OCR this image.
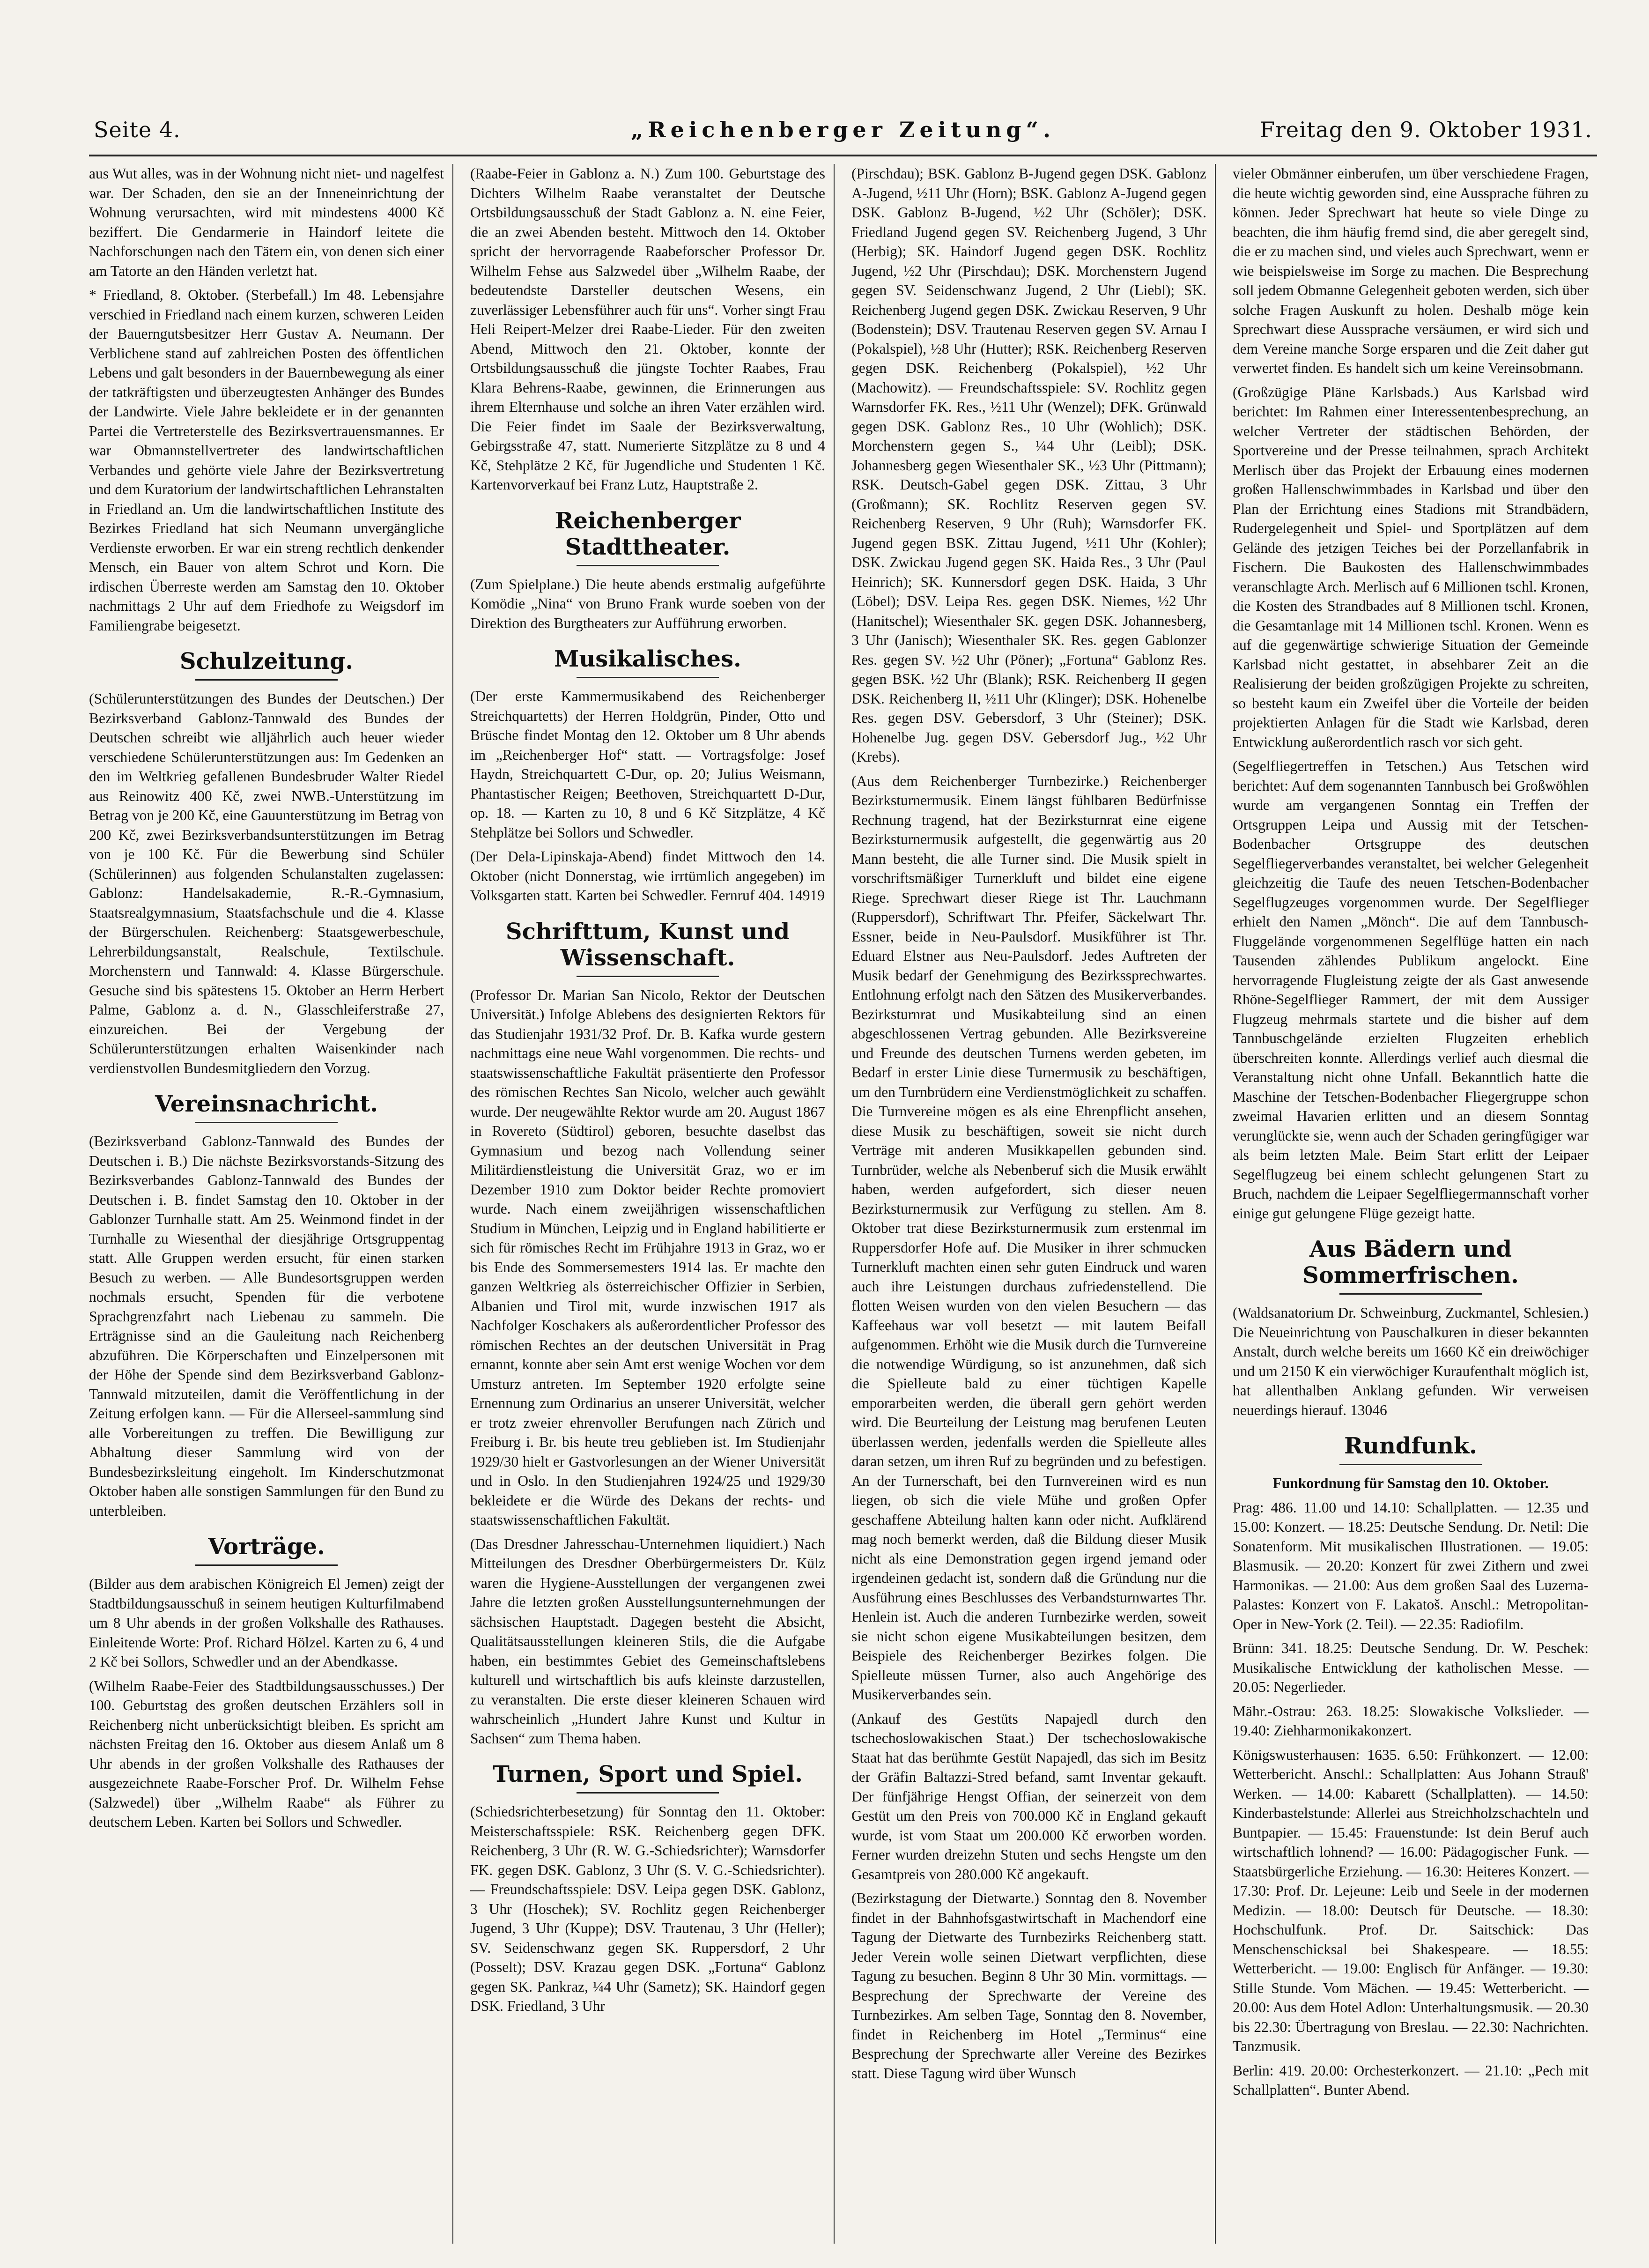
Seite 4.	„Reichenberger Zeitung“.	Freitag den 9. Oktober 1931.

aus Wut alles, was in der Wohnung nicht niet- und nagelfest war. Der Schaden, den sie an der Inneneinrichtung der Wohnung verursachten, wird mit mindestens 4000 Kč beziffert. Die Gendarmerie in Haindorf leitete die Nachforschungen nach den Tätern ein, von denen sich einer am Tatorte an den Händen verletzt hat.

* Friedland, 8. Oktober. (Sterbefall.) Im 48. Lebensjahre verschied in Friedland nach einem kurzen, schweren Leiden der Bauerngutsbesitzer Herr Gustav A. Neumann. Der Verblichene stand auf zahlreichen Posten des öffentlichen Lebens und galt besonders in der Bauernbewegung als einer der tatkräftigsten und überzeugtesten Anhänger des Bundes der Landwirte. Viele Jahre bekleidete er in der genannten Partei die Vertreterstelle des Bezirksvertrauensmannes. Er war Obmannstellvertreter des landwirtschaftlichen Verbandes und gehörte viele Jahre der Bezirksvertretung und dem Kuratorium der landwirtschaftlichen Lehranstalten in Friedland an. Um die landwirtschaftlichen Institute des Bezirkes Friedland hat sich Neumann unvergängliche Verdienste erworben. Er war ein streng rechtlich denkender Mensch, ein Bauer von altem Schrot und Korn. Die irdischen Überreste werden am Samstag den 10. Oktober nachmittags 2 Uhr auf dem Friedhofe zu Weigsdorf im Familiengrabe beigesetzt.

Schulzeitung.

(Schülerunterstützungen des Bundes der Deutschen.) Der Bezirksverband Gablonz-Tannwald des Bundes der Deutschen schreibt wie alljährlich auch heuer wieder verschiedene Schülerunterstützungen aus: Im Gedenken an den im Weltkrieg gefallenen Bundesbruder Walter Riedel aus Reinowitz 400 Kč, zwei NWB.-Unterstützung im Betrag von je 200 Kč, eine Gauunterstützung im Betrag von 200 Kč, zwei Bezirksverbandsunterstützungen im Betrag von je 100 Kč. Für die Bewerbung sind Schüler (Schülerinnen) aus folgenden Schulanstalten zugelassen: Gablonz: Handelsakademie, R.-R.-Gymnasium, Staatsrealgymnasium, Staatsfachschule und die 4. Klasse der Bürgerschulen. Reichenberg: Staatsgewerbeschule, Lehrerbildungsanstalt, Realschule, Textilschule. Morchenstern und Tannwald: 4. Klasse Bürgerschule. Gesuche sind bis spätestens 15. Oktober an Herrn Herbert Palme, Gablonz a. d. N., Glasschleiferstraße 27, einzureichen. Bei der Vergebung der Schülerunterstützungen erhalten Waisenkinder nach verdienstvollen Bundesmitgliedern den Vorzug.

Vereinsnachricht.

(Bezirksverband Gablonz-Tannwald des Bundes der Deutschen i. B.) Die nächste Bezirksvorstands-Sitzung des Bezirksverbandes Gablonz-Tannwald des Bundes der Deutschen i. B. findet Samstag den 10. Oktober in der Gablonzer Turnhalle statt. Am 25. Weinmond findet in der Turnhalle zu Wiesenthal der diesjährige Ortsgruppentag statt. Alle Gruppen werden ersucht, für einen starken Besuch zu werben. — Alle Bundesortsgruppen werden nochmals ersucht, Spenden für die verbotene Sprachgrenzfahrt nach Liebenau zu sammeln. Die Erträgnisse sind an die Gauleitung nach Reichenberg abzuführen. Die Körperschaften und Einzelpersonen mit der Höhe der Spende sind dem Bezirksverband Gablonz-Tannwald mitzuteilen, damit die Veröffentlichung in der Zeitung erfolgen kann. — Für die Allerseel-sammlung sind alle Vorbereitungen zu treffen. Die Bewilligung zur Abhaltung dieser Sammlung wird von der Bundesbezirksleitung eingeholt. Im Kinderschutzmonat Oktober haben alle sonstigen Sammlungen für den Bund zu unterbleiben.

Vorträge.

(Bilder aus dem arabischen Königreich El Jemen) zeigt der Stadtbildungsausschuß in seinem heutigen Kulturfilmabend um 8 Uhr abends in der großen Volkshalle des Rathauses. Einleitende Worte: Prof. Richard Hölzel. Karten zu 6, 4 und 2 Kč bei Sollors, Schwedler und an der Abendkasse.

(Wilhelm Raabe-Feier des Stadtbildungsausschusses.) Der 100. Geburtstag des großen deutschen Erzählers soll in Reichenberg nicht unberücksichtigt bleiben. Es spricht am nächsten Freitag den 16. Oktober aus diesem Anlaß um 8 Uhr abends in der großen Volkshalle des Rathauses der ausgezeichnete Raabe-Forscher Prof. Dr. Wilhelm Fehse (Salzwedel) über „Wilhelm Raabe“ als Führer zu deutschem Leben. Karten bei Sollors und Schwedler.

(Raabe-Feier in Gablonz a. N.) Zum 100. Geburtstage des Dichters Wilhelm Raabe veranstaltet der Deutsche Ortsbildungsausschuß der Stadt Gablonz a. N. eine Feier, die an zwei Abenden besteht. Mittwoch den 14. Oktober spricht der hervorragende Raabeforscher Professor Dr. Wilhelm Fehse aus Salzwedel über „Wilhelm Raabe, der bedeutendste Darsteller deutschen Wesens, ein zuverlässiger Lebensführer auch für uns“. Vorher singt Frau Heli Reipert-Melzer drei Raabe-Lieder. Für den zweiten Abend, Mittwoch den 21. Oktober, konnte der Ortsbildungsausschuß die jüngste Tochter Raabes, Frau Klara Behrens-Raabe, gewinnen, die Erinnerungen aus ihrem Elternhause und solche an ihren Vater erzählen wird. Die Feier findet im Saale der Bezirksverwaltung, Gebirgsstraße 47, statt. Numerierte Sitzplätze zu 8 und 4 Kč, Stehplätze 2 Kč, für Jugendliche und Studenten 1 Kč. Kartenvorverkauf bei Franz Lutz, Hauptstraße 2.

Reichenberger Stadttheater.

(Zum Spielplane.) Die heute abends erstmalig aufgeführte Komödie „Nina“ von Bruno Frank wurde soeben von der Direktion des Burgtheaters zur Aufführung erworben.

Musikalisches.

(Der erste Kammermusikabend des Reichenberger Streichquartetts) der Herren Holdgrün, Pinder, Otto und Brüsche findet Montag den 12. Oktober um 8 Uhr abends im „Reichenberger Hof“ statt. — Vortragsfolge: Josef Haydn, Streichquartett C-Dur, op. 20; Julius Weismann, Phantastischer Reigen; Beethoven, Streichquartett D-Dur, op. 18. — Karten zu 10, 8 und 6 Kč Sitzplätze, 4 Kč Stehplätze bei Sollors und Schwedler.

(Der Dela-Lipinskaja-Abend) findet Mittwoch den 14. Oktober (nicht Donnerstag, wie irrtümlich angegeben) im Volksgarten statt. Karten bei Schwedler. Fernruf 404. 14919

Schrifttum, Kunst und Wissenschaft.

(Professor Dr. Marian San Nicolo, Rektor der Deutschen Universität.) Infolge Ablebens des designierten Rektors für das Studienjahr 1931/32 Prof. Dr. B. Kafka wurde gestern nachmittags eine neue Wahl vorgenommen. Die rechts- und staatswissenschaftliche Fakultät präsentierte den Professor des römischen Rechtes San Nicolo, welcher auch gewählt wurde. Der neugewählte Rektor wurde am 20. August 1867 in Rovereto (Südtirol) geboren, besuchte daselbst das Gymnasium und bezog nach Vollendung seiner Militärdienstleistung die Universität Graz, wo er im Dezember 1910 zum Doktor beider Rechte promoviert wurde. Nach einem zweijährigen wissenschaftlichen Studium in München, Leipzig und in England habilitierte er sich für römisches Recht im Frühjahre 1913 in Graz, wo er bis Ende des Sommersemesters 1914 las. Er machte den ganzen Weltkrieg als österreichischer Offizier in Serbien, Albanien und Tirol mit, wurde inzwischen 1917 als Nachfolger Koschakers als außerordentlicher Professor des römischen Rechtes an der deutschen Universität in Prag ernannt, konnte aber sein Amt erst wenige Wochen vor dem Umsturz antreten. Im September 1920 erfolgte seine Ernennung zum Ordinarius an unserer Universität, welcher er trotz zweier ehrenvoller Berufungen nach Zürich und Freiburg i. Br. bis heute treu geblieben ist. Im Studienjahr 1929/30 hielt er Gastvorlesungen an der Wiener Universität und in Oslo. In den Studienjahren 1924/25 und 1929/30 bekleidete er die Würde des Dekans der rechts- und staatswissenschaftlichen Fakultät.

(Das Dresdner Jahresschau-Unternehmen liquidiert.) Nach Mitteilungen des Dresdner Oberbürgermeisters Dr. Külz waren die Hygiene-Ausstellungen der vergangenen zwei Jahre die letzten großen Ausstellungsunternehmungen der sächsischen Hauptstadt. Dagegen besteht die Absicht, Qualitätsausstellungen kleineren Stils, die die Aufgabe haben, ein bestimmtes Gebiet des Gemeinschaftslebens kulturell und wirtschaftlich bis aufs kleinste darzustellen, zu veranstalten. Die erste dieser kleineren Schauen wird wahrscheinlich „Hundert Jahre Kunst und Kultur in Sachsen“ zum Thema haben.

Turnen, Sport und Spiel.

(Schiedsrichterbesetzung) für Sonntag den 11. Oktober: Meisterschaftsspiele: RSK. Reichenberg gegen DFK. Reichenberg, 3 Uhr (R. W. G.-Schiedsrichter); Warnsdorfer FK. gegen DSK. Gablonz, 3 Uhr (S. V. G.-Schiedsrichter). — Freundschaftsspiele: DSV. Leipa gegen DSK. Gablonz, 3 Uhr (Hoschek); SV. Rochlitz gegen Reichenberger Jugend, 3 Uhr (Kuppe); DSV. Trautenau, 3 Uhr (Heller); SV. Seidenschwanz gegen SK. Ruppersdorf, 2 Uhr (Posselt); DSV. Krazau gegen DSK. „Fortuna“ Gablonz gegen SK. Pankraz, ¼4 Uhr (Sametz); SK. Haindorf gegen DSK. Friedland, 3 Uhr

(Pirschdau); BSK. Gablonz B-Jugend gegen DSK. Gablonz A-Jugend, ½11 Uhr (Horn); BSK. Gablonz A-Jugend gegen DSK. Gablonz B-Jugend, ½2 Uhr (Schöler); DSK. Friedland Jugend gegen SV. Reichenberg Jugend, 3 Uhr (Herbig); SK. Haindorf Jugend gegen DSK. Rochlitz Jugend, ½2 Uhr (Pirschdau); DSK. Morchenstern Jugend gegen SV. Seidenschwanz Jugend, 2 Uhr (Liebl); SK. Reichenberg Jugend gegen DSK. Zwickau Reserven, 9 Uhr (Bodenstein); DSV. Trautenau Reserven gegen SV. Arnau I (Pokalspiel), ½8 Uhr (Hutter); RSK. Reichenberg Reserven gegen DSK. Reichenberg (Pokalspiel), ½2 Uhr (Machowitz). — Freundschaftsspiele: SV. Rochlitz gegen Warnsdorfer FK. Res., ½11 Uhr (Wenzel); DFK. Grünwald gegen DSK. Gablonz Res., 10 Uhr (Wohlich); DSK. Morchenstern gegen S., ¼4 Uhr (Leibl); DSK. Johannesberg gegen Wiesenthaler SK., ½3 Uhr (Pittmann); RSK. Deutsch-Gabel gegen DSK. Zittau, 3 Uhr (Großmann); SK. Rochlitz Reserven gegen SV. Reichenberg Reserven, 9 Uhr (Ruh); Warnsdorfer FK. Jugend gegen BSK. Zittau Jugend, ½11 Uhr (Kohler); DSK. Zwickau Jugend gegen SK. Haida Res., 3 Uhr (Paul Heinrich); SK. Kunnersdorf gegen DSK. Haida, 3 Uhr (Löbel); DSV. Leipa Res. gegen DSK. Niemes, ½2 Uhr (Hanitschel); Wiesenthaler SK. gegen DSK. Johannesberg, 3 Uhr (Janisch); Wiesenthaler SK. Res. gegen Gablonzer Res. gegen SV. ½2 Uhr (Pöner); „Fortuna“ Gablonz Res. gegen BSK. ½2 Uhr (Blank); RSK. Reichenberg II gegen DSK. Reichenberg II, ½11 Uhr (Klinger); DSK. Hohenelbe Res. gegen DSV. Gebersdorf, 3 Uhr (Steiner); DSK. Hohenelbe Jug. gegen DSV. Gebersdorf Jug., ½2 Uhr (Krebs).

(Aus dem Reichenberger Turnbezirke.) Reichenberger Bezirksturnermusik. Einem längst fühlbaren Bedürfnisse Rechnung tragend, hat der Bezirksturnrat eine eigene Bezirksturnermusik aufgestellt, die gegenwärtig aus 20 Mann besteht, die alle Turner sind. Die Musik spielt in vorschriftsmäßiger Turnerkluft und bildet eine eigene Riege. Sprechwart dieser Riege ist Thr. Lauchmann (Ruppersdorf), Schriftwart Thr. Pfeifer, Säckelwart Thr. Essner, beide in Neu-Paulsdorf. Musikführer ist Thr. Eduard Elstner aus Neu-Paulsdorf. Jedes Auftreten der Musik bedarf der Genehmigung des Bezirkssprechwartes. Entlohnung erfolgt nach den Sätzen des Musikerverbandes. Bezirksturnrat und Musikabteilung sind an einen abgeschlossenen Vertrag gebunden. Alle Bezirksvereine und Freunde des deutschen Turnens werden gebeten, im Bedarf in erster Linie diese Turnermusik zu beschäftigen, um den Turnbrüdern eine Verdienstmöglichkeit zu schaffen. Die Turnvereine mögen es als eine Ehrenpflicht ansehen, diese Musik zu beschäftigen, soweit sie nicht durch Verträge mit anderen Musikkapellen gebunden sind. Turnbrüder, welche als Nebenberuf sich die Musik erwählt haben, werden aufgefordert, sich dieser neuen Bezirksturnermusik zur Verfügung zu stellen. Am 8. Oktober trat diese Bezirksturnermusik zum erstenmal im Ruppersdorfer Hofe auf. Die Musiker in ihrer schmucken Turnerkluft machten einen sehr guten Eindruck und waren auch ihre Leistungen durchaus zufriedenstellend. Die flotten Weisen wurden von den vielen Besuchern — das Kaffeehaus war voll besetzt — mit lautem Beifall aufgenommen. Erhöht wie die Musik durch die Turnvereine die notwendige Würdigung, so ist anzunehmen, daß sich die Spielleute bald zu einer tüchtigen Kapelle emporarbeiten werden, die überall gern gehört werden wird. Die Beurteilung der Leistung mag berufenen Leuten überlassen werden, jedenfalls werden die Spielleute alles daran setzen, um ihren Ruf zu begründen und zu befestigen. An der Turnerschaft, bei den Turnvereinen wird es nun liegen, ob sich die viele Mühe und großen Opfer geschaffene Abteilung halten kann oder nicht. Aufklärend mag noch bemerkt werden, daß die Bildung dieser Musik nicht als eine Demonstration gegen irgend jemand oder irgendeinen gedacht ist, sondern daß die Gründung nur die Ausführung eines Beschlusses des Verbandsturnwartes Thr. Henlein ist. Auch die anderen Turnbezirke werden, soweit sie nicht schon eigene Musikabteilungen besitzen, dem Beispiele des Reichenberger Bezirkes folgen. Die Spielleute müssen Turner, also auch Angehörige des Musikerverbandes sein.

(Ankauf des Gestüts Napajedl durch den tschechoslowakischen Staat.) Der tschechoslowakische Staat hat das berühmte Gestüt Napajedl, das sich im Besitz der Gräfin Baltazzi-Stred befand, samt Inventar gekauft. Der fünfjährige Hengst Offian, der seinerzeit von dem Gestüt um den Preis von 700.000 Kč in England gekauft wurde, ist vom Staat um 200.000 Kč erworben worden. Ferner wurden dreizehn Stuten und sechs Hengste um den Gesamtpreis von 280.000 Kč angekauft.

(Bezirkstagung der Dietwarte.) Sonntag den 8. November findet in der Bahnhofsgastwirtschaft in Machendorf eine Tagung der Dietwarte des Turnbezirks Reichenberg statt. Jeder Verein wolle seinen Dietwart verpflichten, diese Tagung zu besuchen. Beginn 8 Uhr 30 Min. vormittags. — Besprechung der Sprechwarte der Vereine des Turnbezirkes. Am selben Tage, Sonntag den 8. November, findet in Reichenberg im Hotel „Terminus“ eine Besprechung der Sprechwarte aller Vereine des Bezirkes statt. Diese Tagung wird über Wunsch

vieler Obmänner einberufen, um über verschiedene Fragen, die heute wichtig geworden sind, eine Aussprache führen zu können. Jeder Sprechwart hat heute so viele Dinge zu beachten, die ihm häufig fremd sind, die aber geregelt sind, die er zu machen sind, und vieles auch Sprechwart, wenn er wie beispielsweise im Sorge zu machen. Die Besprechung soll jedem Obmanne Gelegenheit geboten werden, sich über solche Fragen Auskunft zu holen. Deshalb möge kein Sprechwart diese Aussprache versäumen, er wird sich und dem Vereine manche Sorge ersparen und die Zeit daher gut verwertet finden. Es handelt sich um keine Vereinsobmann.

(Großzügige Pläne Karlsbads.) Aus Karlsbad wird berichtet: Im Rahmen einer Interessentenbesprechung, an welcher Vertreter der städtischen Behörden, der Sportvereine und der Presse teilnahmen, sprach Architekt Merlisch über das Projekt der Erbauung eines modernen großen Hallenschwimmbades in Karlsbad und über den Plan der Errichtung eines Stadions mit Strandbädern, Rudergelegenheit und Spiel- und Sportplätzen auf dem Gelände des jetzigen Teiches bei der Porzellanfabrik in Fischern. Die Baukosten des Hallenschwimmbades veranschlagte Arch. Merlisch auf 6 Millionen tschl. Kronen, die Kosten des Strandbades auf 8 Millionen tschl. Kronen, die Gesamtanlage mit 14 Millionen tschl. Kronen. Wenn es auf die gegenwärtige schwierige Situation der Gemeinde Karlsbad nicht gestattet, in absehbarer Zeit an die Realisierung der beiden großzügigen Projekte zu schreiten, so besteht kaum ein Zweifel über die Vorteile der beiden projektierten Anlagen für die Stadt wie Karlsbad, deren Entwicklung außerordentlich rasch vor sich geht.

(Segelfliegertreffen in Tetschen.) Aus Tetschen wird berichtet: Auf dem sogenannten Tannbusch bei Großwöhlen wurde am vergangenen Sonntag ein Treffen der Ortsgruppen Leipa und Aussig mit der Tetschen-Bodenbacher Ortsgruppe des deutschen Segelfliegerverbandes veranstaltet, bei welcher Gelegenheit gleichzeitig die Taufe des neuen Tetschen-Bodenbacher Segelflugzeuges vorgenommen wurde. Der Segelflieger erhielt den Namen „Mönch“. Die auf dem Tannbusch-Fluggelände vorgenommenen Segelflüge hatten ein nach Tausenden zählendes Publikum angelockt. Eine hervorragende Flugleistung zeigte der als Gast anwesende Rhöne-Segelflieger Rammert, der mit dem Aussiger Flugzeug mehrmals startete und die bisher auf dem Tannbuschgelände erzielten Flugzeiten erheblich überschreiten konnte. Allerdings verlief auch diesmal die Veranstaltung nicht ohne Unfall. Bekanntlich hatte die Maschine der Tetschen-Bodenbacher Fliegergruppe schon zweimal Havarien erlitten und an diesem Sonntag verunglückte sie, wenn auch der Schaden geringfügiger war als beim letzten Male. Beim Start erlitt der Leipaer Segelflugzeug bei einem schlecht gelungenen Start zu Bruch, nachdem die Leipaer Segelfliegermannschaft vorher einige gut gelungene Flüge gezeigt hatte.

Aus Bädern und Sommerfrischen.

(Waldsanatorium Dr. Schweinburg, Zuckmantel, Schlesien.) Die Neueinrichtung von Pauschalkuren in dieser bekannten Anstalt, durch welche bereits um 1660 Kč ein dreiwöchiger und um 2150 K ein vierwöchiger Kuraufenthalt möglich ist, hat allenthalben Anklang gefunden. Wir verweisen neuerdings hierauf. 13046

Rundfunk.

Funkordnung für Samstag den 10. Oktober.

Prag: 486. 11.00 und 14.10: Schallplatten. — 12.35 und 15.00: Konzert. — 18.25: Deutsche Sendung. Dr. Netil: Die Sonatenform. Mit musikalischen Illustrationen. — 19.05: Blasmusik. — 20.20: Konzert für zwei Zithern und zwei Harmonikas. — 21.00: Aus dem großen Saal des Luzerna-Palastes: Konzert von F. Lakatoš. Anschl.: Metropolitan-Oper in New-York (2. Teil). — 22.35: Radiofilm.

Brünn: 341. 18.25: Deutsche Sendung. Dr. W. Peschek: Musikalische Entwicklung der katholischen Messe. — 20.05: Negerlieder.

Mähr.-Ostrau: 263. 18.25: Slowakische Volkslieder. — 19.40: Ziehharmonikakonzert.

Königswusterhausen: 1635. 6.50: Frühkonzert. — 12.00: Wetterbericht. Anschl.: Schallplatten: Aus Johann Strauß' Werken. — 14.00: Kabarett (Schallplatten). — 14.50: Kinderbastelstunde: Allerlei aus Streichholzschachteln und Buntpapier. — 15.45: Frauenstunde: Ist dein Beruf auch wirtschaftlich lohnend? — 16.00: Pädagogischer Funk. — Staatsbürgerliche Erziehung. — 16.30: Heiteres Konzert. — 17.30: Prof. Dr. Lejeune: Leib und Seele in der modernen Medizin. — 18.00: Deutsch für Deutsche. — 18.30: Hochschulfunk. Prof. Dr. Saitschick: Das Menschenschicksal bei Shakespeare. — 18.55: Wetterbericht. — 19.00: Englisch für Anfänger. — 19.30: Stille Stunde. Vom Mächen. — 19.45: Wetterbericht. — 20.00: Aus dem Hotel Adlon: Unterhaltungsmusik. — 20.30 bis 22.30: Übertragung von Breslau. — 22.30: Nachrichten. Tanzmusik.

Berlin: 419. 20.00: Orchesterkonzert. — 21.10: „Pech mit Schallplatten“. Bunter Abend.
